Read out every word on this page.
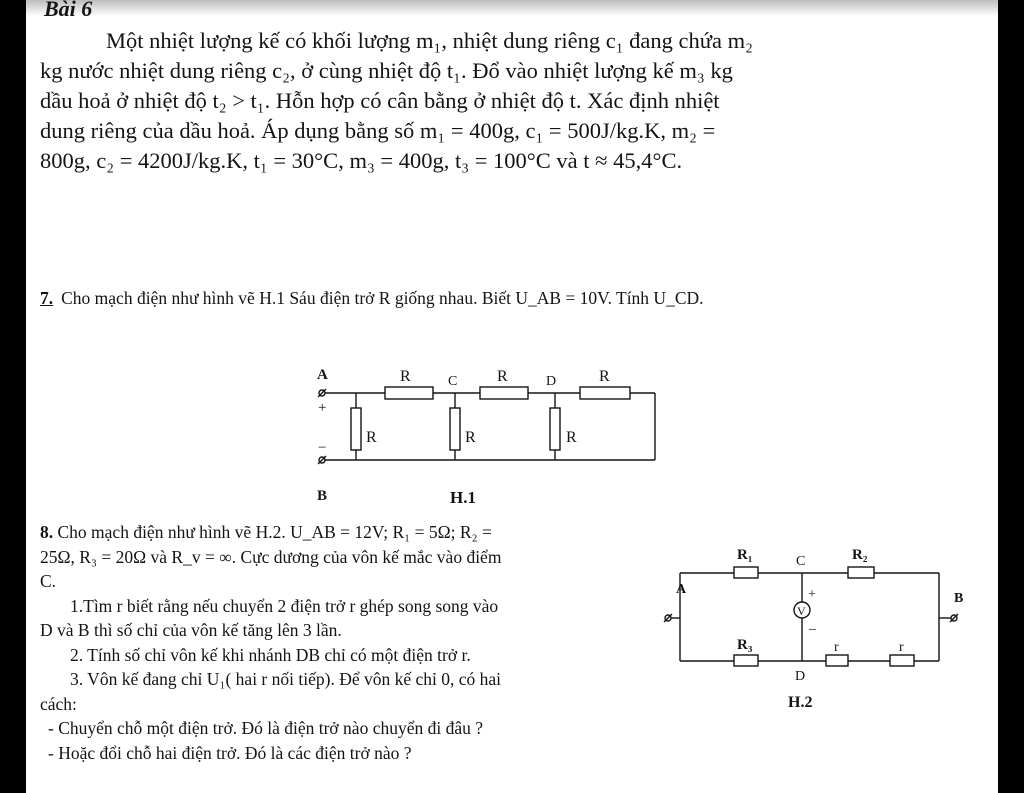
Bài 6
Một nhiệt lượng kế có khối lượng m₁, nhiệt dung riêng c₁ đang chứa m₂
kg nước nhiệt dung riêng c₂, ở cùng nhiệt độ t₁. Đổ vào nhiệt lượng kế m₃ kg
dầu hoả ở nhiệt độ t₂ > t₁. Hỗn hợp có cân bằng ở nhiệt độ t. Xác định nhiệt
dung riêng của dầu hoả. Áp dụng bằng số m₁ = 400g, c₁ = 500J/kg.K, m₂ =
800g, c₂ = 4200J/kg.K, t₁ = 30°C, m₃ = 400g, t₃ = 100°C và t ≈ 45,4°C.
7. Cho mạch điện như hình vẽ H.1 Sáu điện trở R giống nhau. Biết U_AB = 10V. Tính U_CD.
A
+
−
B
C	D
R	R	R
R	R	R
H.1
8. Cho mạch điện như hình vẽ H.2. U_AB = 12V; R₁ = 5Ω; R₂ =
25Ω, R₃ = 20Ω và R_v = ∞. Cực dương của vôn kế mắc vào điểm
C.
1.Tìm r biết rằng nếu chuyển 2 điện trở r ghép song song vào
D và B thì số chỉ của vôn kế tăng lên 3 lần.
2. Tính số chỉ vôn kế khi nhánh DB chỉ có một điện trở r.
3. Vôn kế đang chỉ U₁( hai r nối tiếp). Để vôn kế chỉ 0, có hai
cách:
- Chuyển chỗ một điện trở. Đó là điện trở nào chuyển đi đâu ?
- Hoặc đổi chỗ hai điện trở. Đó là các điện trở nào ?
V
+
_
R₁	R₂
R₃	r	r
C
D
A
B
H.2
